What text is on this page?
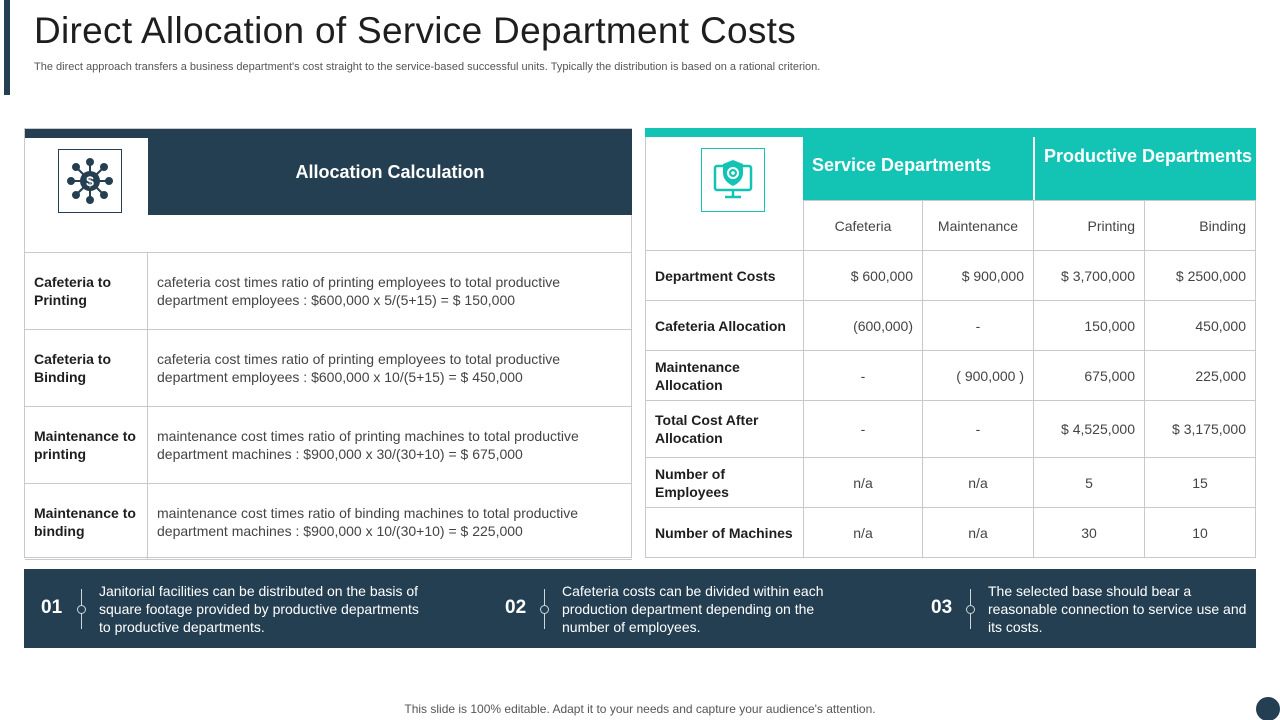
Direct Allocation of Service Department Costs

The direct approach transfers a business department's cost straight to the service-based successful units. Typically the distribution is based on a rational criterion.

$	Allocation Calculation
Cafeteria to Printing
cafeteria cost times ratio of printing employees to total productive department employees : $600,000 x 5/(5+15) = $ 150,000
Cafeteria to Binding
cafeteria cost times ratio of printing employees to total productive department employees : $600,000 x 10/(5+15) = $ 450,000
Maintenance to printing
maintenance cost times ratio of printing machines to total productive department machines : $900,000 x 30/(30+10) = $ 675,000
Maintenance to binding
maintenance cost times ratio of binding machines to total productive department machines : $900,000 x 10/(30+10) = $ 225,000
Service Departments	Productive Departments
	Cafeteria	Maintenance	Printing	Binding
Department Costs	$ 600,000	$ 900,000	$ 3,700,000	$ 2500,000
Cafeteria Allocation	(600,000)	-	150,000	450,000
Maintenance Allocation	-	( 900,000 )	675,000	225,000
Total Cost After Allocation	-	-	$ 4,525,000	$ 3,175,000
Number of Employees	n/a	n/a	5	15
Number of Machines	n/a	n/a	30	10
01
Janitorial facilities can be distributed on the basis of square footage provided by productive departments to productive departments.
02
Cafeteria costs can be divided within each production department depending on the number of employees.
03
The selected base should bear a reasonable connection to service use and its costs.
This slide is 100% editable. Adapt it to your needs and capture your audience's attention.
